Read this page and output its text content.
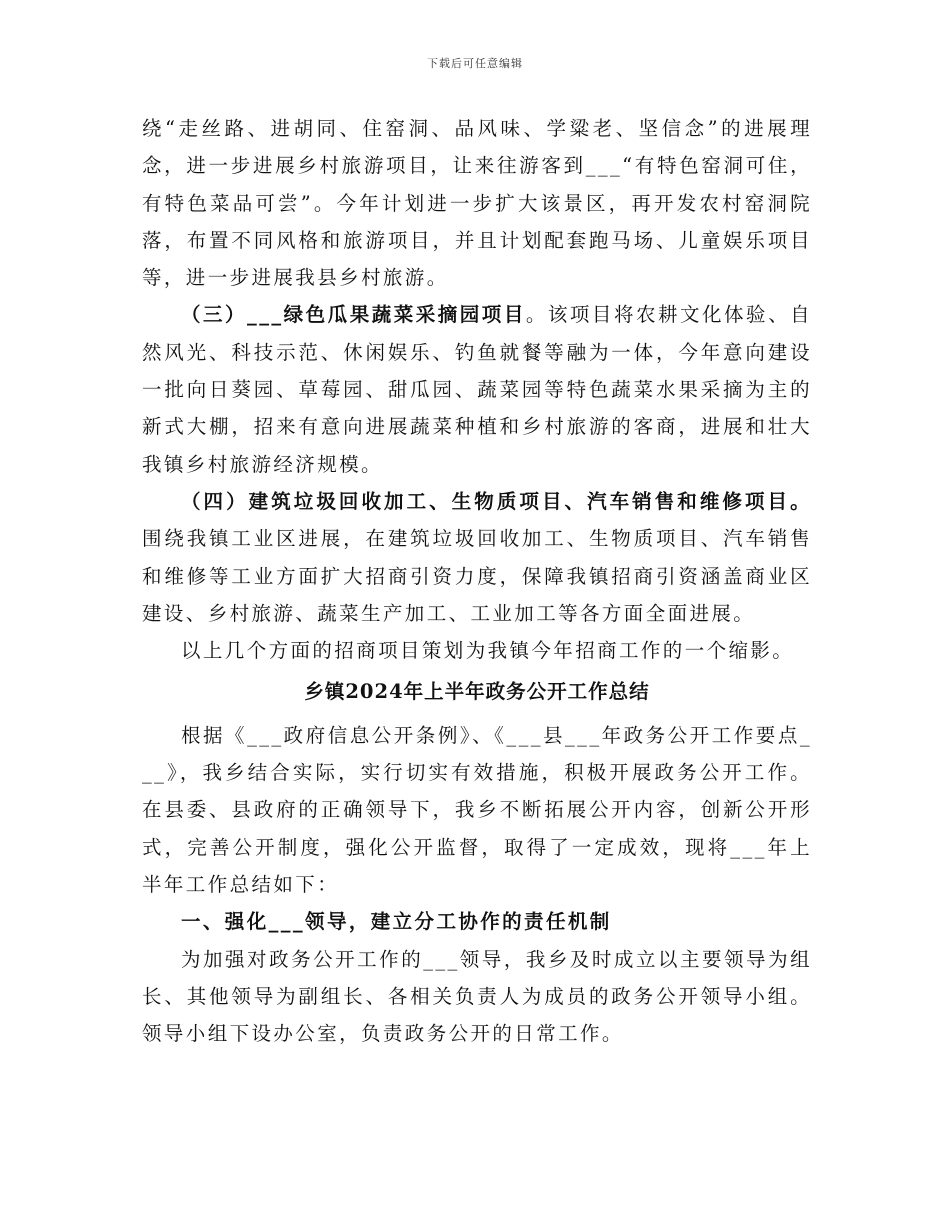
下载后可任意编辑

绕“走丝路、进胡同、住窑洞、品风味、学粱老、坚信念”的进展理念，进一步进展乡村旅游项目，让来往游客到___“有特色窑洞可住，有特色菜品可尝”。今年计划进一步扩大该景区，再开发农村窑洞院落，布置不同风格和旅游项目，并且计划配套跑马场、儿童娱乐项目等，进一步进展我县乡村旅游。

（三）___绿色瓜果蔬菜采摘园项目。该项目将农耕文化体验、自然风光、科技示范、休闲娱乐、钓鱼就餐等融为一体，今年意向建设一批向日葵园、草莓园、甜瓜园、蔬菜园等特色蔬菜水果采摘为主的新式大棚，招来有意向进展蔬菜种植和乡村旅游的客商，进展和壮大我镇乡村旅游经济规模。

（四）建筑垃圾回收加工、生物质项目、汽车销售和维修项目。围绕我镇工业区进展，在建筑垃圾回收加工、生物质项目、汽车销售和维修等工业方面扩大招商引资力度，保障我镇招商引资涵盖商业区建设、乡村旅游、蔬菜生产加工、工业加工等各方面全面进展。

以上几个方面的招商项目策划为我镇今年招商工作的一个缩影。

乡镇2024年上半年政务公开工作总结

根据《___政府信息公开条例》、《___县___年政务公开工作要点___》，我乡结合实际，实行切实有效措施，积极开展政务公开工作。在县委、县政府的正确领导下，我乡不断拓展公开内容，创新公开形式，完善公开制度，强化公开监督，取得了一定成效，现将___年上半年工作总结如下：

一、强化___领导，建立分工协作的责任机制

为加强对政务公开工作的___领导，我乡及时成立以主要领导为组长、其他领导为副组长、各相关负责人为成员的政务公开领导小组。领导小组下设办公室，负责政务公开的日常工作。
